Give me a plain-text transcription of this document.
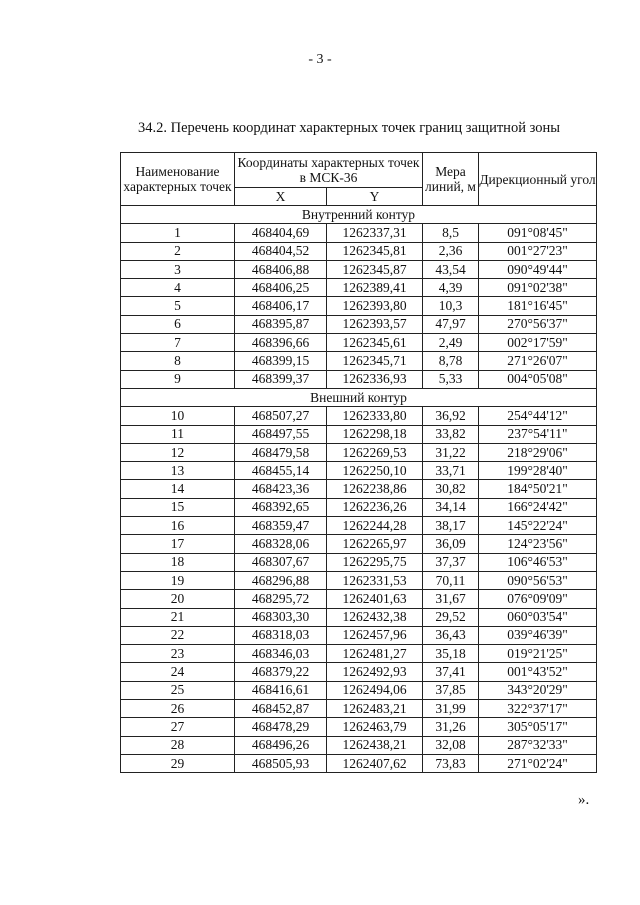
- 3 -
34.2. Перечень координат характерных точек границ защитной зоны
Наименование характерных точек	Координаты характерных точек в МСК-36		Мера линий, м	Дирекционный угол
	X	Y		
Внутренний контур				
1	468404,69	1262337,31	8,5	091°08'45"
2	468404,52	1262345,81	2,36	001°27'23"
3	468406,88	1262345,87	43,54	090°49'44"
4	468406,25	1262389,41	4,39	091°02'38"
5	468406,17	1262393,80	10,3	181°16'45"
6	468395,87	1262393,57	47,97	270°56'37"
7	468396,66	1262345,61	2,49	002°17'59"
8	468399,15	1262345,71	8,78	271°26'07"
9	468399,37	1262336,93	5,33	004°05'08"
Внешний контур				
10	468507,27	1262333,80	36,92	254°44'12"
11	468497,55	1262298,18	33,82	237°54'11"
12	468479,58	1262269,53	31,22	218°29'06"
13	468455,14	1262250,10	33,71	199°28'40"
14	468423,36	1262238,86	30,82	184°50'21"
15	468392,65	1262236,26	34,14	166°24'42"
16	468359,47	1262244,28	38,17	145°22'24"
17	468328,06	1262265,97	36,09	124°23'56"
18	468307,67	1262295,75	37,37	106°46'53"
19	468296,88	1262331,53	70,11	090°56'53"
20	468295,72	1262401,63	31,67	076°09'09"
21	468303,30	1262432,38	29,52	060°03'54"
22	468318,03	1262457,96	36,43	039°46'39"
23	468346,03	1262481,27	35,18	019°21'25"
24	468379,22	1262492,93	37,41	001°43'52"
25	468416,61	1262494,06	37,85	343°20'29"
26	468452,87	1262483,21	31,99	322°37'17"
27	468478,29	1262463,79	31,26	305°05'17"
28	468496,26	1262438,21	32,08	287°32'33"
29	468505,93	1262407,62	73,83	271°02'24"
».
